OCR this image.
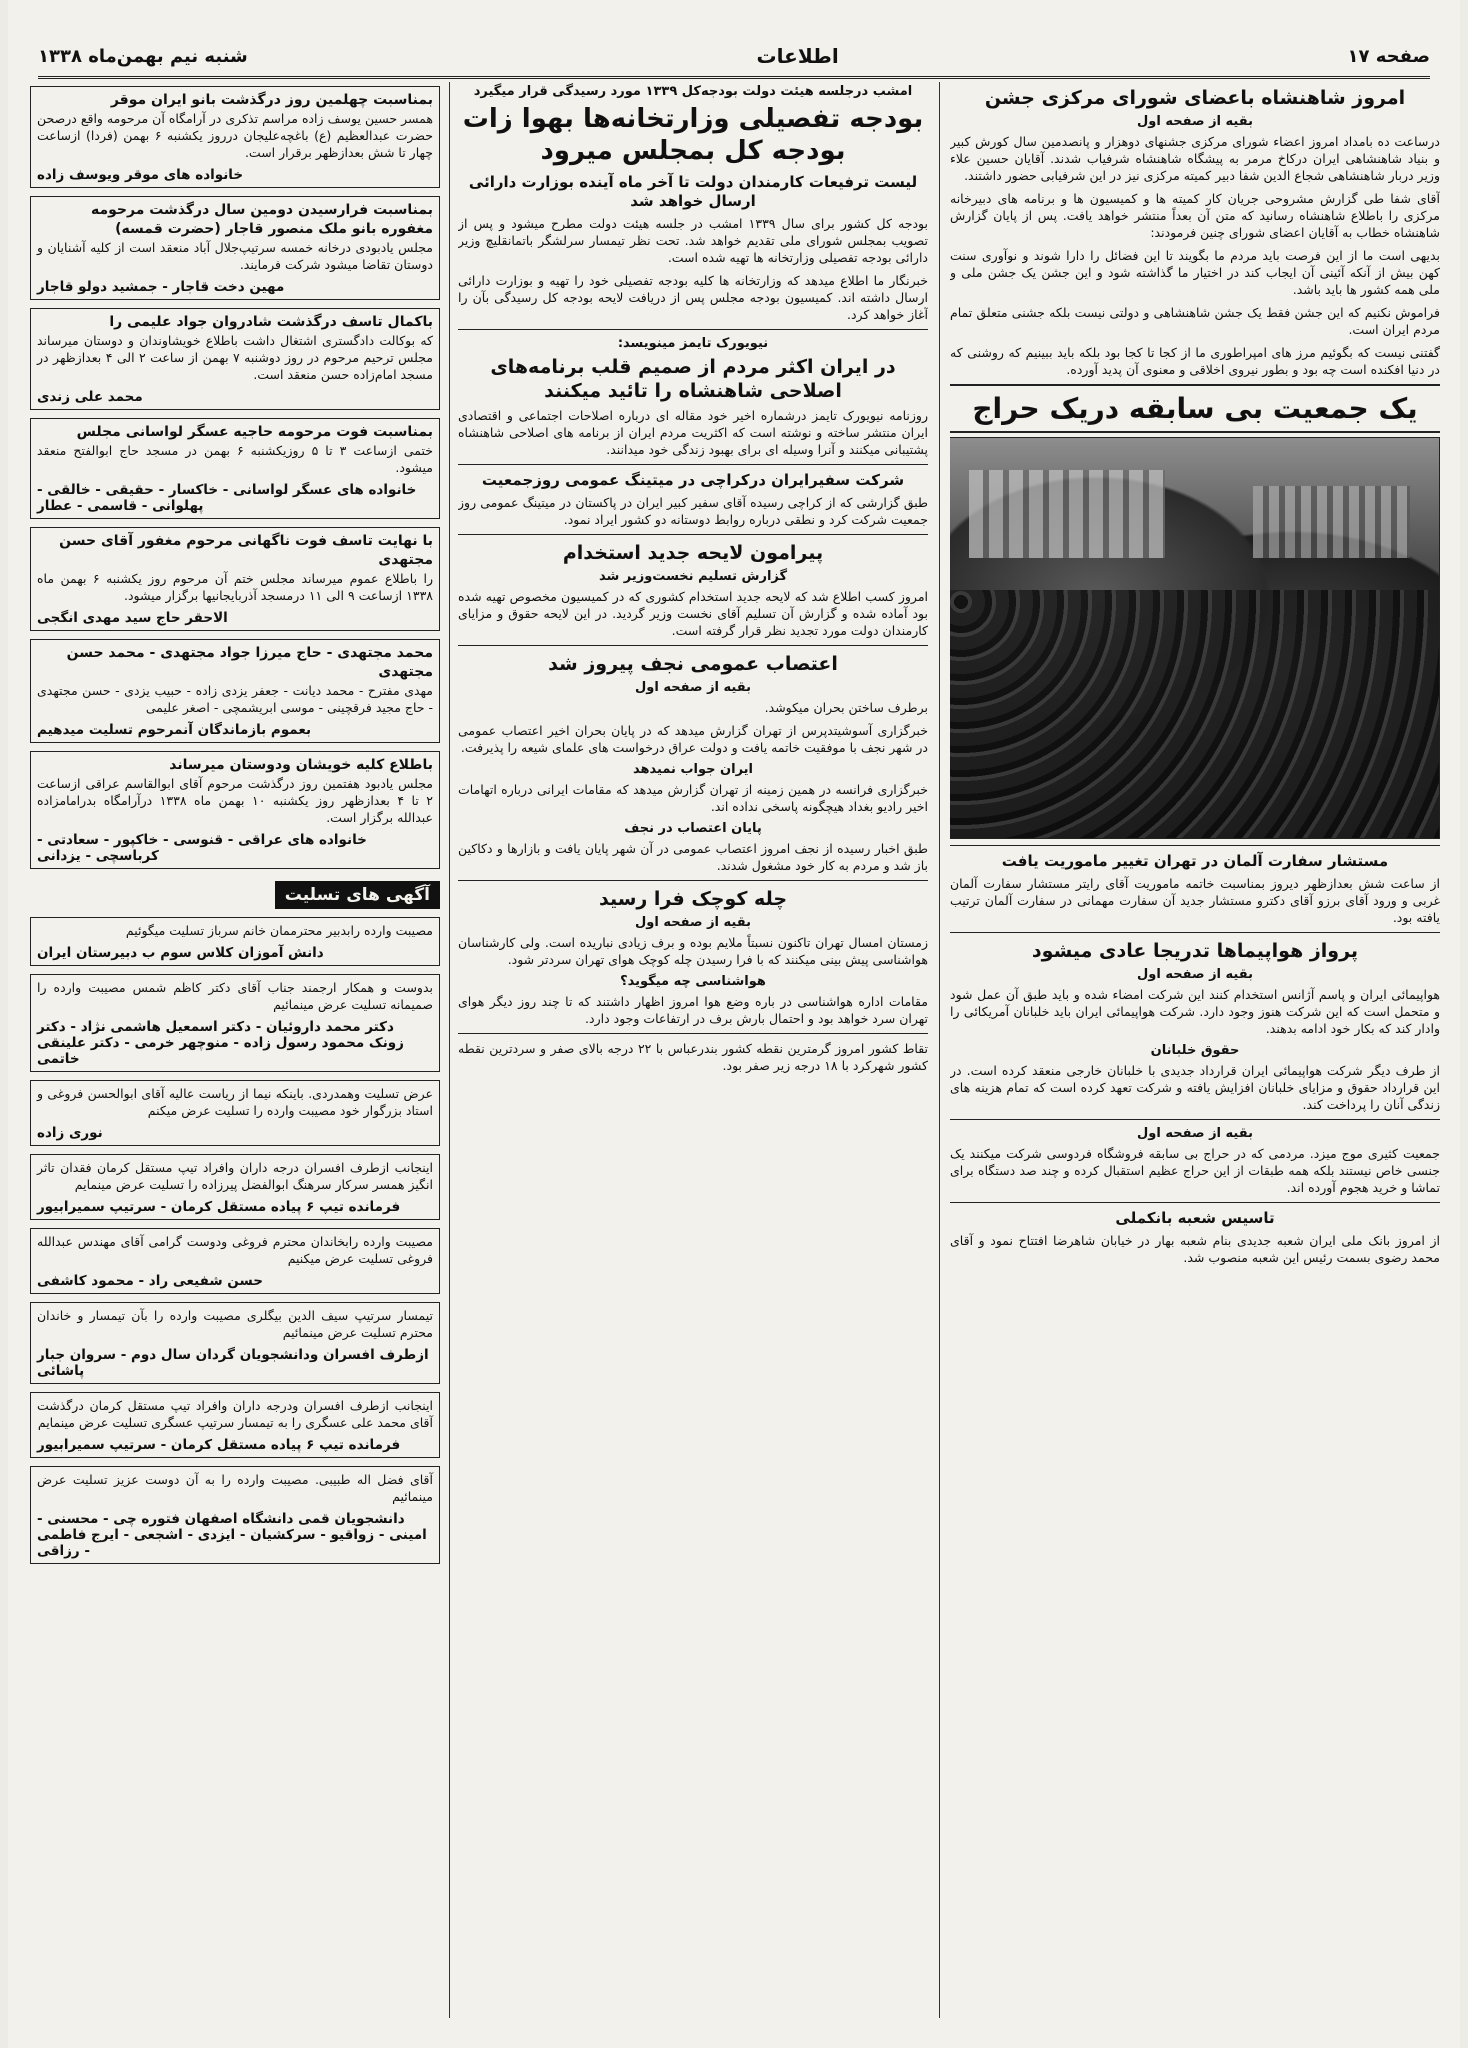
صفحه ۱۷
اطلاعات
شنبه نیم بهمن‌ماه ۱۳۳۸
امروز شاهنشاه باعضای شورای مرکزی جشن
بقیه از صفحه اول

درساعت ده بامداد امروز اعضاء شورای مرکزی جشنهای دوهزار و پانصدمین سال کورش کبیر و بنیاد شاهنشاهی ایران درکاخ مرمر به پیشگاه شاهنشاه شرفیاب شدند. آقایان حسین علاء وزیر دربار شاهنشاهی شجاع الدین شفا دبیر کمیته مرکزی نیز در این شرفیابی حضور داشتند.

آقای شفا طی گزارش مشروحی جریان کار کمیته ها و کمیسیون ها و برنامه های دبیرخانه مرکزی را باطلاع شاهنشاه رسانید که متن آن بعداً منتشر خواهد یافت. پس از پایان گزارش شاهنشاه خطاب به آقایان اعضای شورای چنین فرمودند:

بدیهی است ما از این فرصت باید مردم ما بگویند تا این فضائل را دارا شوند و نوآوری سنت کهن بیش از آنکه آئینی آن ایجاب کند در اختیار ما گذاشته شود و این جشن یک جشن ملی و ملی همه کشور ها باید باشد.

فراموش نکنیم که این جشن فقط یک جشن شاهنشاهی و دولتی نیست بلکه جشنی متعلق تمام مردم ایران است.

گفتنی نیست که بگوئیم مرز های امپراطوری ما از کجا تا کجا بود بلکه باید ببینیم که روشنی که در دنیا افکنده است چه بود و بطور نیروی اخلاقی و معنوی آن پدید آورده.

یک جمعیت بی سابقه دریک حراج
مستشار سفارت آلمان در تهران تغییر ماموریت یافت

از ساعت شش بعدازظهر دیروز بمناسبت خاتمه ماموریت آقای رایتر مستشار سفارت آلمان غربی و ورود آقای برزو آقای دکترو مستشار جدید آن سفارت مهمانی در سفارت آلمان ترتیب یافته بود.

پرواز هواپیماها تدریجا عادی میشود
بقیه از صفحه اول

هواپیمائی ایران و پاسم آژانس استخدام کنند این شرکت امضاء شده و باید طبق آن عمل شود و متحمل است که این شرکت هنوز وجود دارد. شرکت هواپیمائی ایران باید خلبانان آمریکائی را وادار کند که بکار خود ادامه بدهند.

حقوق خلبانان

از طرف دیگر شرکت هواپیمائی ایران قرارداد جدیدی با خلبانان خارجی منعقد کرده است. در این قرارداد حقوق و مزایای خلبانان افزایش یافته و شرکت تعهد کرده است که تمام هزینه های زندگی آنان را پرداخت کند.

بقیه از صفحه اول

جمعیت کثیری موج میزد. مردمی که در حراج بی سابقه فروشگاه فردوسی شرکت میکنند یک جنسی خاص نیستند بلکه همه طبقات از این حراج عظیم استقبال کرده و چند صد دستگاه برای تماشا و خرید هجوم آورده اند.

تاسیس شعبه بانکملی

از امروز بانک ملی ایران شعبه جدیدی بنام شعبه بهار در خیابان شاهرضا افتتاح نمود و آقای محمد رضوی بسمت رئیس این شعبه منصوب شد.

امشب درجلسه هیئت دولت بودجه‌کل ۱۳۳۹ مورد رسیدگی قرار میگیرد
بودجه تفصیلی وزارتخانه‌ها بهوا زات بودجه کل بمجلس میرود
لیست ترفیعات کارمندان دولت تا آخر ماه آینده بوزارت دارائی ارسال خواهد شد

بودجه کل کشور برای سال ۱۳۳۹ امشب در جلسه هیئت دولت مطرح میشود و پس از تصویب بمجلس شورای ملی تقدیم خواهد شد. تحت نظر تیمسار سرلشگر باتمانقلیچ وزیر دارائی بودجه تفصیلی وزارتخانه ها تهیه شده است.

خبرنگار ما اطلاع میدهد که وزارتخانه ها کلیه بودجه تفصیلی خود را تهیه و بوزارت دارائی ارسال داشته اند. کمیسیون بودجه مجلس پس از دریافت لایحه بودجه کل رسیدگی بآن را آغاز خواهد کرد.

نیویورک تایمز مینویسد:
در ایران اکثر مردم از صمیم قلب برنامه‌های اصلاحی شاهنشاه را تائید میکنند

روزنامه نیویورک تایمز درشماره اخیر خود مقاله ای درباره اصلاحات اجتماعی و اقتصادی ایران منتشر ساخته و نوشته است که اکثریت مردم ایران از برنامه های اصلاحی شاهنشاه پشتیبانی میکنند و آنرا وسیله ای برای بهبود زندگی خود میدانند.

شرکت سفیرایران درکراچی در میتینگ عمومی روزجمعیت

طبق گزارشی که از کراچی رسیده آقای سفیر کبیر ایران در پاکستان در میتینگ عمومی روز جمعیت شرکت کرد و نطقی درباره روابط دوستانه دو کشور ایراد نمود.

پیرامون لایحه جدید استخدام
گزارش تسلیم نخست‌وزیر شد

امروز کسب اطلاع شد که لایحه جدید استخدام کشوری که در کمیسیون مخصوص تهیه شده بود آماده شده و گزارش آن تسلیم آقای نخست وزیر گردید. در این لایحه حقوق و مزایای کارمندان دولت مورد تجدید نظر قرار گرفته است.

اعتصاب عمومی نجف پیروز شد
بقیه از صفحه اول

برطرف ساختن بحران میکوشد.

خبرگزاری آسوشیتدپرس از تهران گزارش میدهد که در پایان بحران اخیر اعتصاب عمومی در شهر نجف با موفقیت خاتمه یافت و دولت عراق درخواست های علمای شیعه را پذیرفت.

ایران جواب نمیدهد

خبرگزاری فرانسه در همین زمینه از تهران گزارش میدهد که مقامات ایرانی درباره اتهامات اخیر رادیو بغداد هیچگونه پاسخی نداده اند.

پایان اعتصاب در نجف

طبق اخبار رسیده از نجف امروز اعتصاب عمومی در آن شهر پایان یافت و بازارها و دکاکین باز شد و مردم به کار خود مشغول شدند.

چله کوچک فرا رسید
بقیه از صفحه اول

زمستان امسال تهران تاکنون نسبتاً ملایم بوده و برف زیادی نباریده است. ولی کارشناسان هواشناسی پیش بینی میکنند که با فرا رسیدن چله کوچک هوای تهران سردتر شود.

هواشناسی چه میگوید؟

مقامات اداره هواشناسی در باره وضع هوا امروز اظهار داشتند که تا چند روز دیگر هوای تهران سرد خواهد بود و احتمال بارش برف در ارتفاعات وجود دارد.

تقاط کشور امروز گرمترین نقطه کشور بندرعباس با ۲۲ درجه بالای صفر و سردترین نقطه کشور شهرکرد با ۱۸ درجه زیر صفر بود.

بمناسبت چهلمین روز درگذشت بانو ایران موقر

همسر حسین یوسف زاده مراسم تذکری در آرامگاه آن مرحومه واقع درصحن حضرت عبدالعظیم (ع) باغچه‌علیجان درروز یکشنبه ۶ بهمن (فردا) ازساعت چهار تا شش بعدازظهر برقرار است.

خانواده های موقر ویوسف زاده
بمناسبت فرارسیدن دومین سال درگذشت مرحومه مغفوره بانو ملک منصور قاجار (حضرت قمسه)

مجلس یادبودی درخانه خمسه سرتیپ‌جلال آباد منعقد است از کلیه آشنایان و دوستان تقاضا میشود شرکت فرمایند.

مهین دخت قاجار - جمشید دولو قاجار
باکمال تاسف درگذشت شادروان جواد علیمی را

که بوکالت دادگستری اشتغال داشت باطلاع خویشاوندان و دوستان میرساند مجلس ترحیم مرحوم در روز دوشنبه ۷ بهمن از ساعت ۲ الی ۴ بعدازظهر در مسجد امام‌زاده حسن منعقد است.

محمد علی زندی
بمناسبت فوت مرحومه حاجیه عسگر لواسانی مجلس

ختمی ازساعت ۳ تا ۵ روزیکشنبه ۶ بهمن در مسجد حاج ابوالفتح منعقد میشود.

خانواده های عسگر لواسانی - خاکسار - حقیقی - خالقی - پهلوانی - قاسمی - عطار
با نهایت تاسف فوت ناگهانی مرحوم مغفور آقای حسن مجتهدی

را باطلاع عموم میرساند مجلس ختم آن مرحوم روز یکشنبه ۶ بهمن ماه ۱۳۳۸ ازساعت ۹ الی ۱۱ درمسجد آذربایجانیها برگزار میشود.

الاحقر حاج سید مهدی انگجی
محمد مجتهدی - حاج میرزا جواد مجتهدی - محمد حسن مجتهدی

مهدی مفترح - محمد دیانت - جعفر یزدی زاده - حبیب یزدی - حسن مجتهدی - حاج مجید فرقچینی - موسی ابریشمچی - اصغر علیمی

بعموم بازماندگان آنمرحوم تسلیت میدهیم
باطلاع کلیه خویشان ودوستان میرساند

مجلس یادبود هفتمین روز درگذشت مرحوم آقای ابوالقاسم عراقی ازساعت ۲ تا ۴ بعدازظهر روز یکشنبه ۱۰ بهمن ماه ۱۳۳۸ درآرامگاه بدرامامزاده عبدالله برگزار است.

خانواده های عراقی - قنوسی - خاکپور - سعادتی - کرباسچی - یزدانی
آگهی های تسلیت

مصیبت وارده رابدبیر محترممان خانم سرباز تسلیت میگوئیم

دانش آموزان کلاس سوم ب دبیرستان ایران

بدوست و همکار ارجمند جناب آقای دکتر کاظم شمس مصیبت وارده را صمیمانه تسلیت عرض مینمائیم

دکتر محمد داروئیان - دکتر اسمعیل هاشمی نژاد - دکتر زونک محمود رسول زاده - منوچهر خرمی - دکتر علینقی خاتمی

عرض تسلیت وهمدردی. باینکه نیما از ریاست عالیه آقای ابوالحسن فروغی و استاد بزرگوار خود مصیبت وارده را تسلیت عرض میکنم

نوری زاده

اینجانب ازطرف افسران درجه داران وافراد تیپ مستقل کرمان فقدان تاثر انگیز همسر سرکار سرهنگ ابوالفضل پیرزاده را تسلیت عرض مینمایم

فرمانده تیپ ۶ پیاده مستقل کرمان - سرتیپ سمیرابیور

مصیبت وارده رابخاندان محترم فروغی ودوست گرامی آقای مهندس عبدالله فروغی تسلیت عرض میکنیم

حسن شفیعی راد - محمود کاشفی

تیمسار سرتیپ سیف الدین بیگلری مصیبت وارده را بآن تیمسار و خاندان محترم تسلیت عرض مینمائیم

ازطرف افسران ودانشجویان گردان سال دوم - سروان جبار پاشائی

اینجانب ازطرف افسران ودرجه داران وافراد تیپ مستقل کرمان درگذشت آقای محمد علی عسگری را به تیمسار سرتیپ عسگری تسلیت عرض مینمایم

فرمانده تیپ ۶ پیاده مستقل کرمان - سرتیپ سمیرابیور

آقای فضل اله طبیبی. مصیبت وارده را به آن دوست عزیز تسلیت عرض مینمائیم

دانشجویان قمی دانشگاه اصفهان فتوره چی - محسنی - امینی - زواقیو - سرکشیان - ایزدی - اشجعی - ایرج فاطمی - رزاقی
